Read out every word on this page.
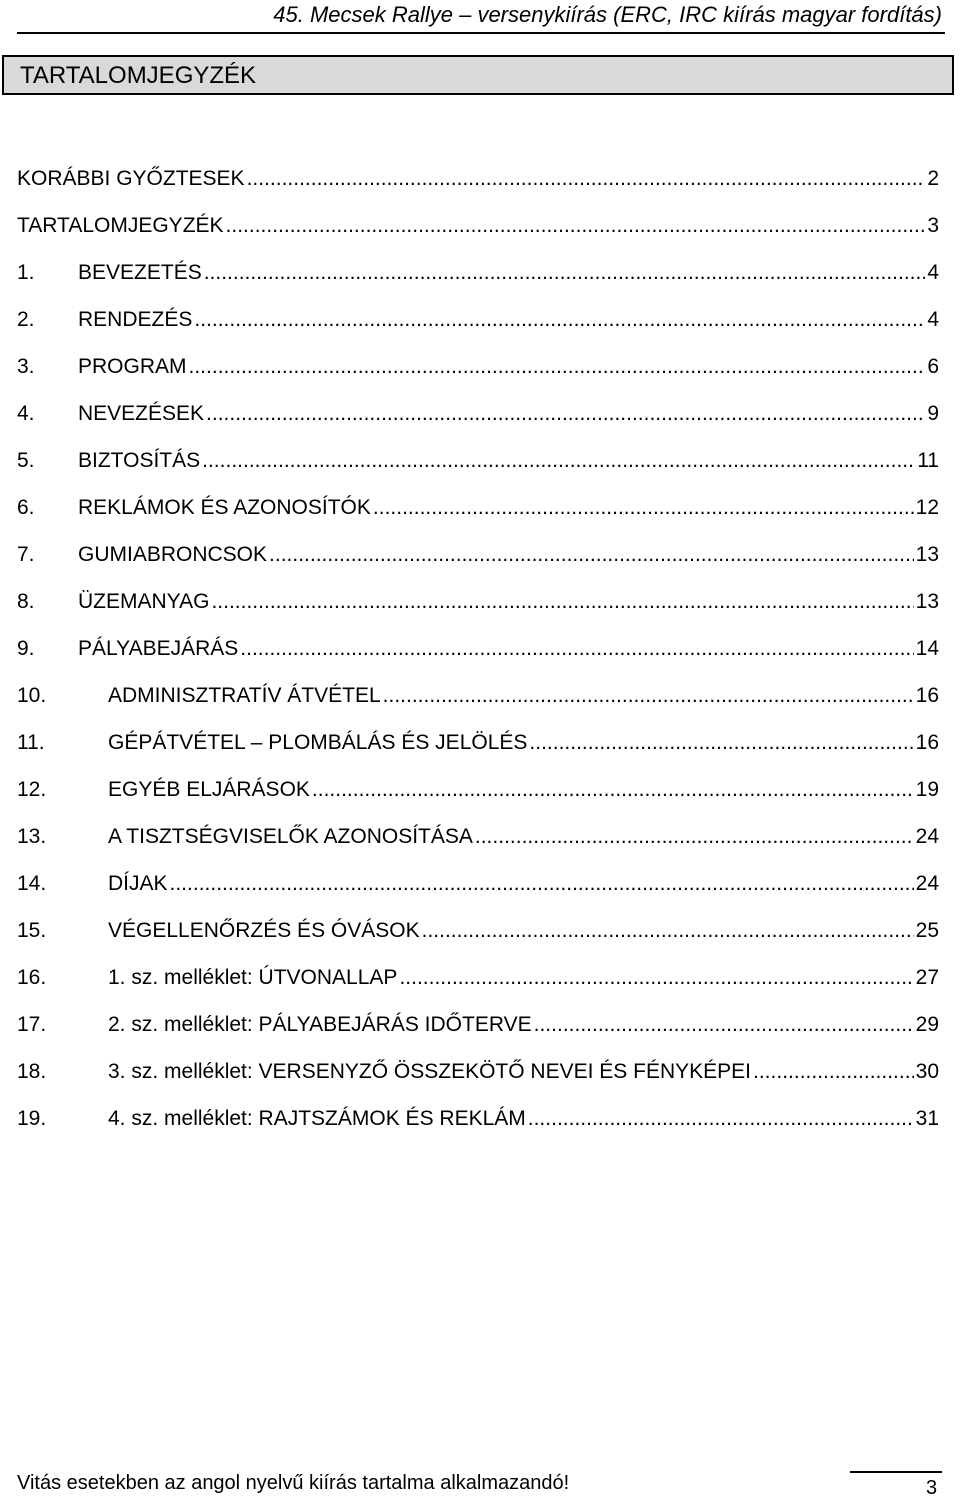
45. Mecsek Rallye – versenykiírás (ERC, IRC kiírás magyar fordítás)
TARTALOMJEGYZÉK
KORÁBBI GYŐZTESEK .....	2
TARTALOMJEGYZÉK .....	3
1.	BEVEZETÉS .....	4
2.	RENDEZÉS .....	4
3.	PROGRAM .....	6
4.	NEVEZÉSEK .....	9
5.	BIZTOSÍTÁS .....	11
6.	REKLÁMOK ÉS AZONOSÍTÓK .....	12
7.	GUMIABRONCSOK .....	13
8.	ÜZEMANYAG .....	13
9.	PÁLYABEJÁRÁS .....	14
10.	ADMINISZTRATÍV ÁTVÉTEL .....	16
11.	GÉPÁTVÉTEL – PLOMBÁLÁS ÉS JELÖLÉS .....	16
12.	EGYÉB ELJÁRÁSOK .....	19
13.	A TISZTSÉGVISELŐK AZONOSÍTÁSA .....	24
14.	DÍJAK .....	24
15.	VÉGELLENŐRZÉS ÉS ÓVÁSOK .....	25
16.	1. sz. melléklet: ÚTVONALLAP .....	27
17.	2. sz. melléklet: PÁLYABEJÁRÁS IDŐTERVE .....	29
18.	3. sz. melléklet: VERSENYZŐ ÖSSZEKÖTŐ NEVEI ÉS FÉNYKÉPEI .....	30
19.	4. sz. melléklet: RAJTSZÁMOK ÉS REKLÁM .....	31
Vitás esetekben az angol nyelvű kiírás tartalma alkalmazandó!	3
